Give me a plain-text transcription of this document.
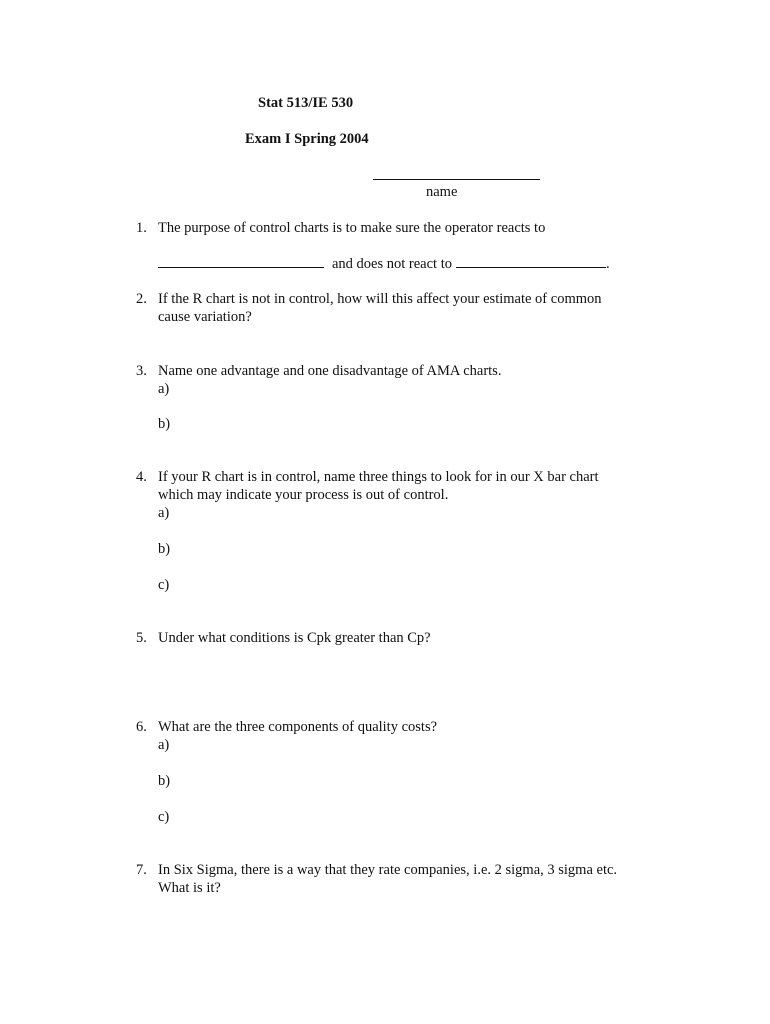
Stat 513/IE 530
Exam I Spring 2004
name
1. The purpose of control charts is to make sure the operator reacts to
and does not react to	.
2. If the R chart is not in control, how will this affect your estimate of common
cause variation?
3. Name one advantage and one disadvantage of AMA charts.
a)
b)
4. If your R chart is in control, name three things to look for in our X bar chart
which may indicate your process is out of control.
a)
b)
c)
5. Under what conditions is Cpk greater than Cp?
6. What are the three components of quality costs?
a)
b)
c)
7. In Six Sigma, there is a way that they rate companies, i.e. 2 sigma, 3 sigma etc.
What is it?
